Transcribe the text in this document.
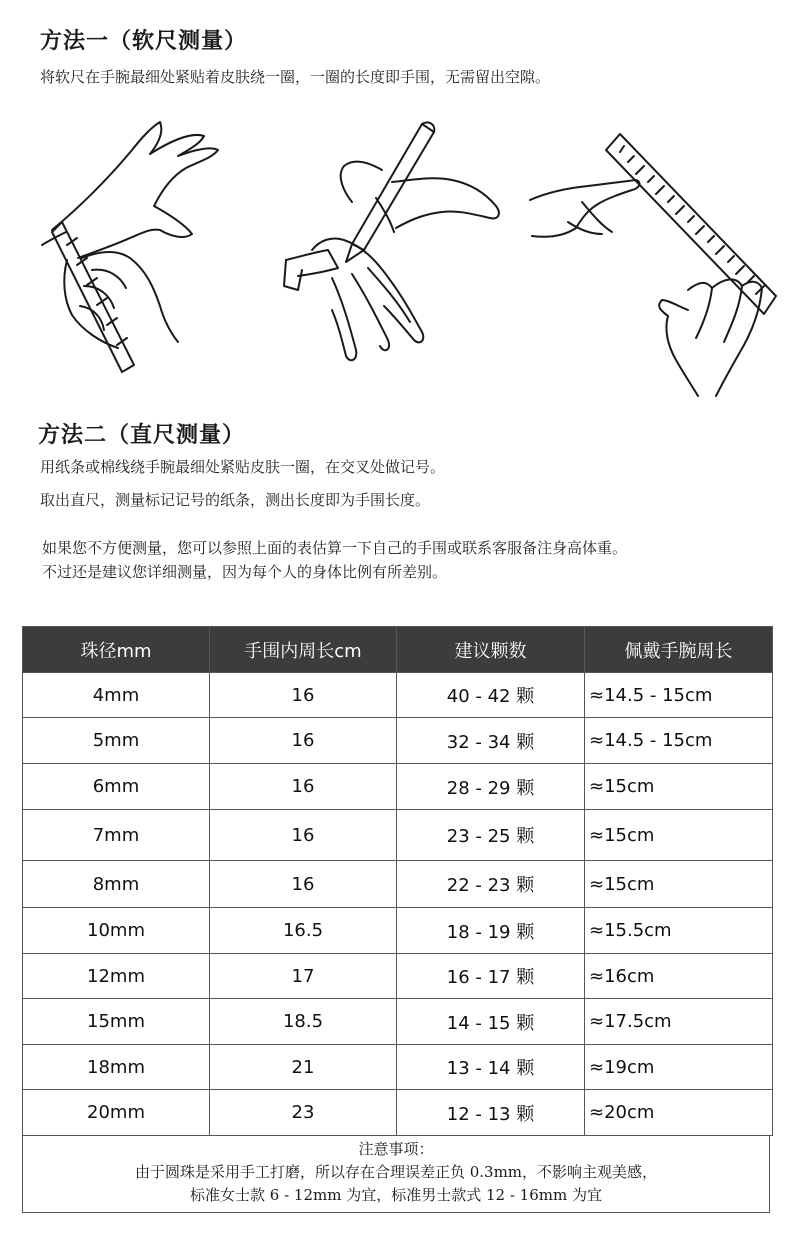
方法一（软尺测量）
将软尺在手腕最细处紧贴着皮肤绕一圈，一圈的长度即手围，无需留出空隙。
方法二（直尺测量）
用纸条或棉线绕手腕最细处紧贴皮肤一圈，在交叉处做记号。
取出直尺，测量标记记号的纸条，测出长度即为手围长度。
如果您不方便测量，您可以参照上面的表估算一下自己的手围或联系客服备注身高体重。
不过还是建议您详细测量，因为每个人的身体比例有所差别。
珠径mm	手围内周长cm	建议颗数	佩戴手腕周长
4mm	16	40 - 42 颗	≈14.5 - 15cm
5mm	16	32 - 34 颗	≈14.5 - 15cm
6mm	16	28 - 29 颗	≈15cm
7mm	16	23 - 25 颗	≈15cm
8mm	16	22 - 23 颗	≈15cm
10mm	16.5	18 - 19 颗	≈15.5cm
12mm	17	16 - 17 颗	≈16cm
15mm	18.5	14 - 15 颗	≈17.5cm
18mm	21	13 - 14 颗	≈19cm
20mm	23	12 - 13 颗	≈20cm
注意事项：
由于圆珠是采用手工打磨，所以存在合理误差正负 0.3mm，不影响主观美感，
标准女士款 6 - 12mm 为宜，标准男士款式 12 - 16mm 为宜
